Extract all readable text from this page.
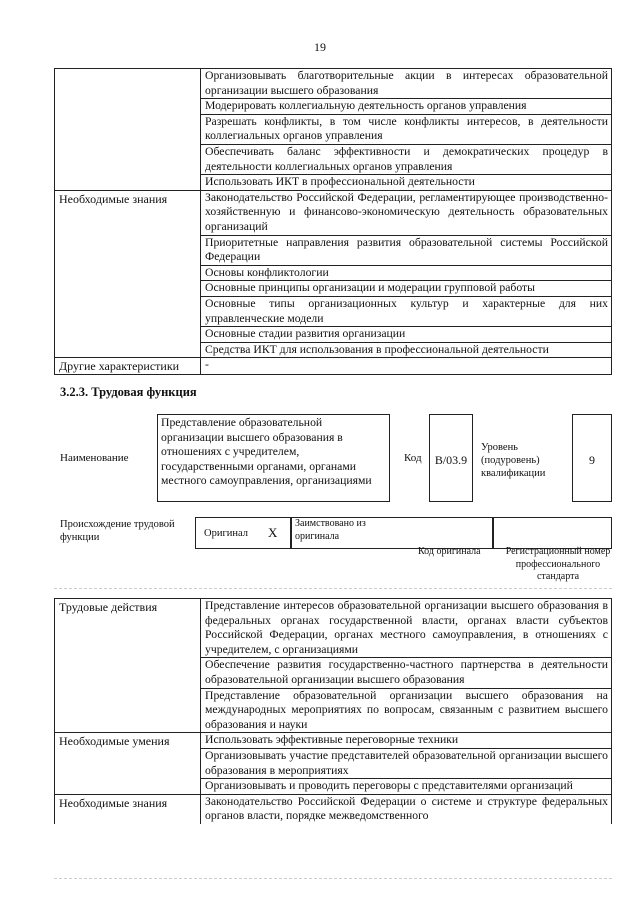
19
	Организовывать благотворительные акции в интересах образовательной организации высшего образования
	Модерировать коллегиальную деятельность органов управления
	Разрешать конфликты, в том числе конфликты интересов, в деятельности коллегиальных органов управления
	Обеспечивать баланс эффективности и демократических процедур в деятельности коллегиальных органов управления
	Использовать ИКТ в профессиональной деятельности
Необходимые знания	Законодательство Российской Федерации, регламентирующее производственно-хозяйственную и финансово-экономическую деятельность образовательных организаций
	Приоритетные направления развития образовательной системы Российской Федерации
	Основы конфликтологии
	Основные принципы организации и модерации групповой работы
	Основные типы организационных культур и характерные для них управленческие модели
	Основные стадии развития организации
	Средства ИКТ для использования в профессиональной деятельности
Другие характеристики	-
3.2.3. Трудовая функция
Наименование
Представление образовательной организации высшего образования в отношениях с учредителем, государственными органами, органами местного самоуправления, организациями
Код	В/03.9
Уровень (подуровень) квалификации
9
Происхождение трудовой функции	Оригинал X
Заимствовано из оригинала
Код оригинала	Регистрационный номер профессионального стандарта
Трудовые действия	Представление интересов образовательной организации высшего образования в федеральных органах государственной власти, органах власти субъектов Российской Федерации, органах местного самоуправления, в отношениях с учредителем, с организациями
	Обеспечение развития государственно-частного партнерства в деятельности образовательной организации высшего образования
	Представление образовательной организации высшего образования на международных мероприятиях по вопросам, связанным с развитием высшего образования и науки
Необходимые умения	Использовать эффективные переговорные техники
	Организовывать участие представителей образовательной организации высшего образования в мероприятиях
	Организовывать и проводить переговоры с представителями организаций
Необходимые знания	Законодательство Российской Федерации о системе и структуре федеральных органов власти, порядке межведомственного
